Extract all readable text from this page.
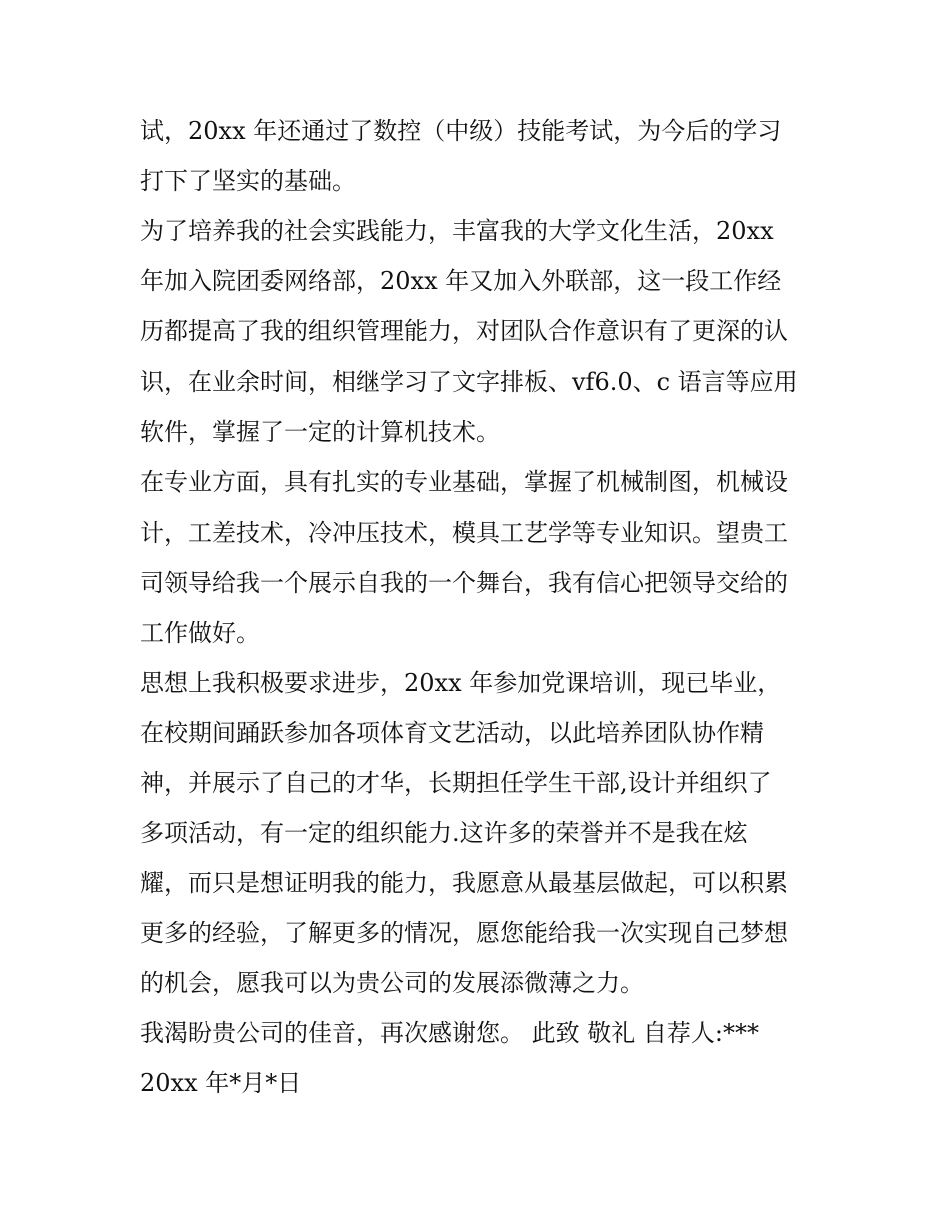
试，20xx 年还通过了数控（中级）技能考试，为今后的学习
打下了坚实的基础。
为了培养我的社会实践能力，丰富我的大学文化生活，20xx
年加入院团委网络部，20xx 年又加入外联部，这一段工作经
历都提高了我的组织管理能力，对团队合作意识有了更深的认
识，在业余时间，相继学习了文字排板、vf6.0、c 语言等应用
软件，掌握了一定的计算机技术。
在专业方面，具有扎实的专业基础，掌握了机械制图，机械设
计，工差技术，冷冲压技术，模具工艺学等专业知识。望贵工
司领导给我一个展示自我的一个舞台，我有信心把领导交给的
工作做好。
思想上我积极要求进步，20xx 年参加党课培训，现已毕业，
在校期间踊跃参加各项体育文艺活动，以此培养团队协作精
神，并展示了自己的才华，长期担任学生干部,设计并组织了
多项活动，有一定的组织能力.这许多的荣誉并不是我在炫
耀，而只是想证明我的能力，我愿意从最基层做起，可以积累
更多的经验，了解更多的情况，愿您能给我一次实现自己梦想
的机会，愿我可以为贵公司的发展添微薄之力。
我渴盼贵公司的佳音，再次感谢您。 此致 敬礼 自荐人:***
20xx 年*月*日
